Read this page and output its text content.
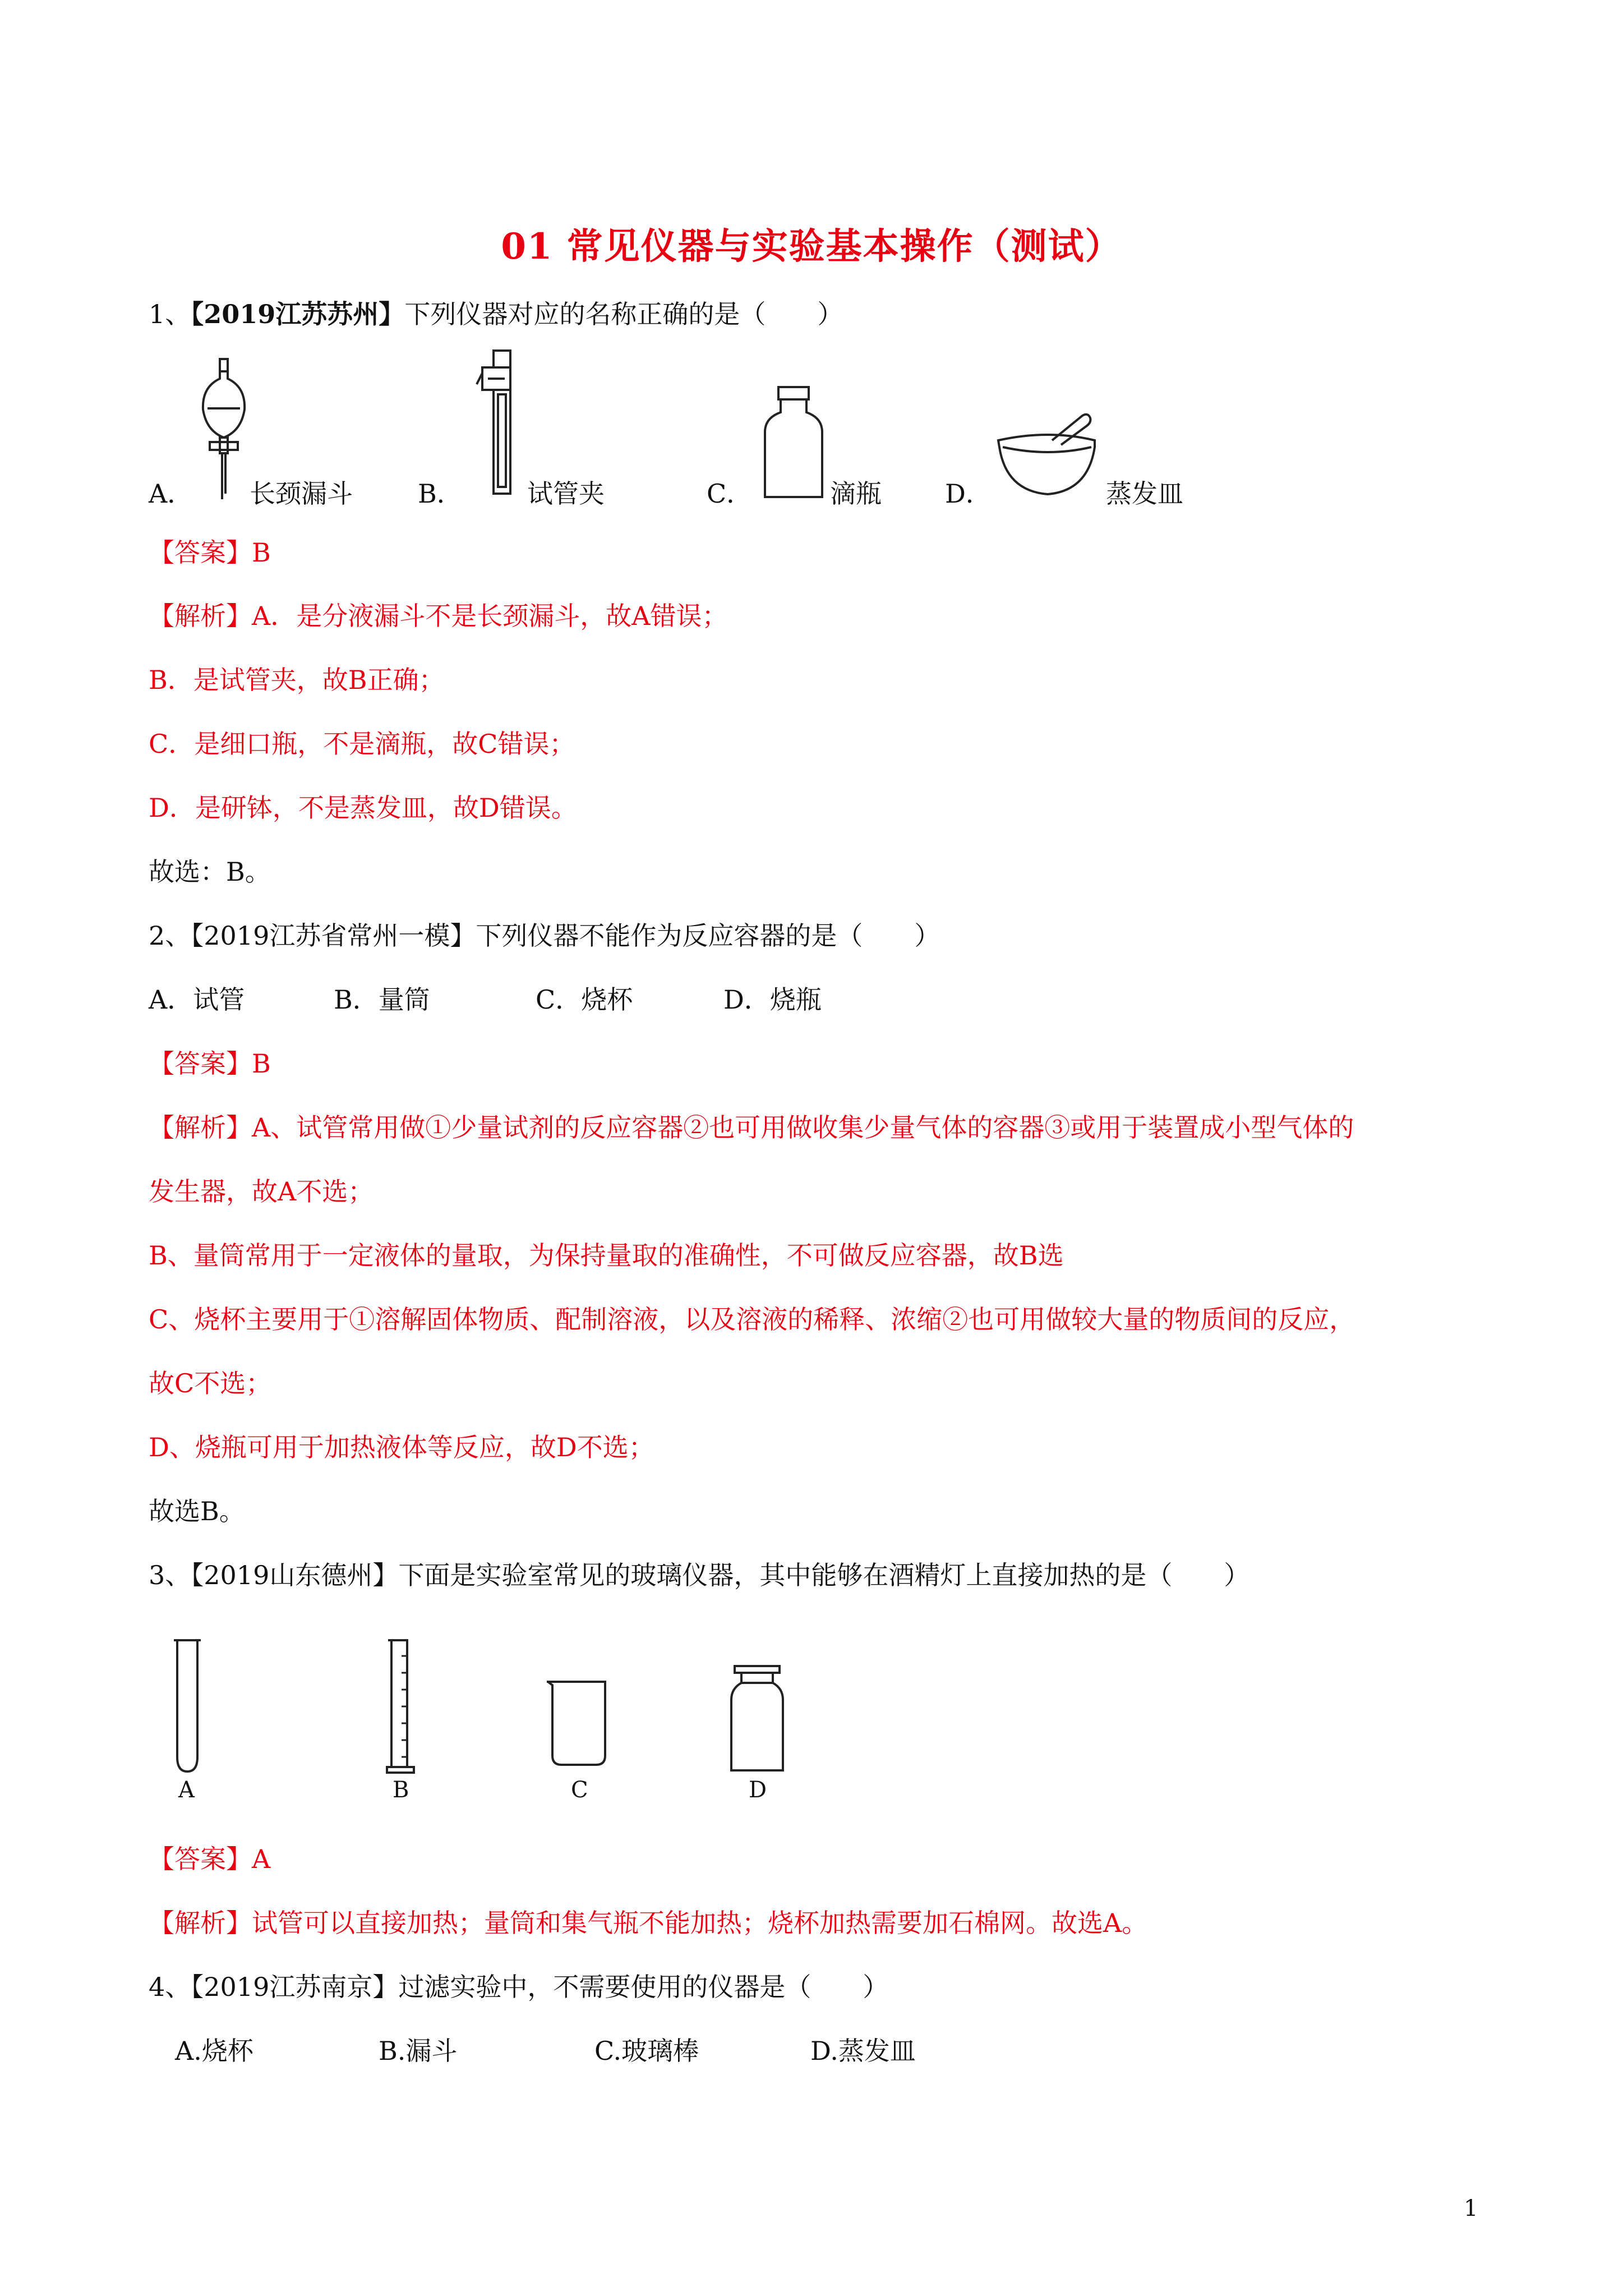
01 常见仪器与实验基本操作（测试）
1、【2019江苏苏州】下列仪器对应的名称正确的是（　　）
A． 长颈漏斗	B．	试管夹	C．	滴瓶 D．	蒸发皿
【答案】B
【解析】A．是分液漏斗不是长颈漏斗，故A错误；
B．是试管夹，故B正确；
C．是细口瓶，不是滴瓶，故C错误；
D．是研钵，不是蒸发皿，故D错误。
故选：B。
2、【2019江苏省常州一模】下列仪器不能作为反应容器的是（　　）
A．试管	B．量筒	C．烧杯	D．烧瓶
【答案】B
【解析】A、试管常用做①少量试剂的反应容器②也可用做收集少量气体的容器③或用于装置成小型气体的
发生器，故A不选；
B、量筒常用于一定液体的量取，为保持量取的准确性，不可做反应容器，故B选
C、烧杯主要用于①溶解固体物质、配制溶液，以及溶液的稀释、浓缩②也可用做较大量的物质间的反应，
故C不选；
D、烧瓶可用于加热液体等反应，故D不选；
故选B。
3、【2019山东德州】下面是实验室常见的玻璃仪器，其中能够在酒精灯上直接加热的是（　　）
A	B	C	D
【答案】A
【解析】试管可以直接加热；量筒和集气瓶不能加热；烧杯加热需要加石棉网。故选A。
4、【2019江苏南京】过滤实验中，不需要使用的仪器是（　　）
A.烧杯	B.漏斗	C.玻璃棒	D.蒸发皿
1
